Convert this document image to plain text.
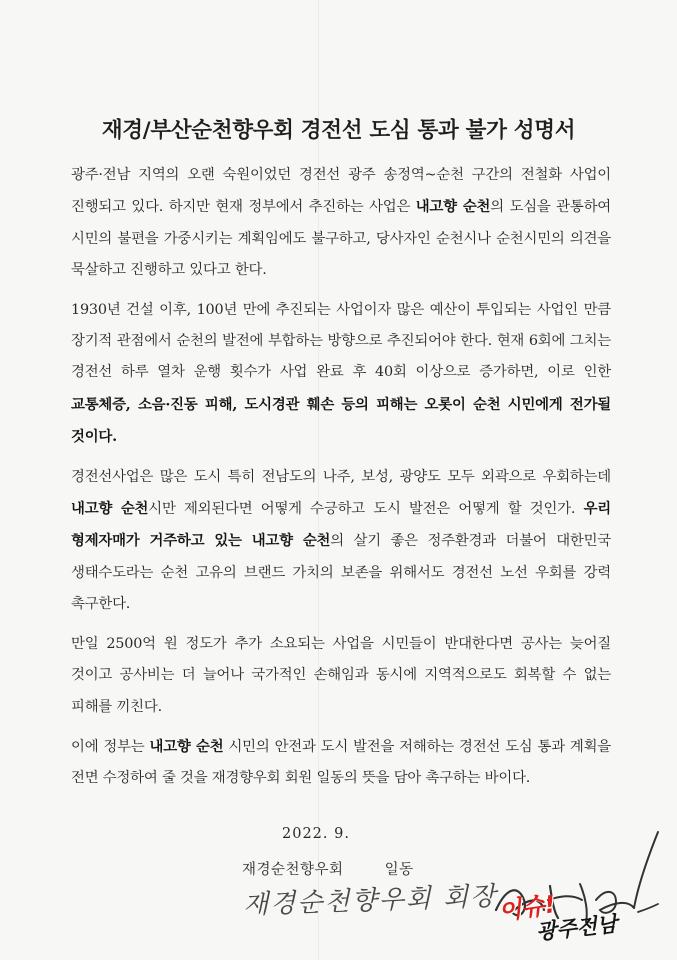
재경/부산순천향우회 경전선 도심 통과 불가 성명서

광주·전남 지역의 오랜 숙원이었던 경전선 광주 송정역~순천 구간의 전철화 사업이 진행되고 있다. 하지만 현재 정부에서 추진하는 사업은 내고향 순천의 도심을 관통하여 시민의 불편을 가중시키는 계획임에도 불구하고, 당사자인 순천시나 순천시민의 의견을 묵살하고 진행하고 있다고 한다.

1930년 건설 이후, 100년 만에 추진되는 사업이자 많은 예산이 투입되는 사업인 만큼 장기적 관점에서 순천의 발전에 부합하는 방향으로 추진되어야 한다. 현재 6회에 그치는 경전선 하루 열차 운행 횟수가 사업 완료 후 40회 이상으로 증가하면, 이로 인한 교통체증, 소음·진동 피해, 도시경관 훼손 등의 피해는 오롯이 순천 시민에게 전가될 것이다.

경전선사업은 많은 도시 특히 전남도의 나주, 보성, 광양도 모두 외곽으로 우회하는데 내고향 순천시만 제외된다면 어떻게 수긍하고 도시 발전은 어떻게 할 것인가. 우리 형제자매가 거주하고 있는 내고향 순천의 살기 좋은 정주환경과 더불어 대한민국 생태수도라는 순천 고유의 브랜드 가치의 보존을 위해서도 경전선 노선 우회를 강력 촉구한다.

만일 2500억 원 정도가 추가 소요되는 사업을 시민들이 반대한다면 공사는 늦어질 것이고 공사비는 더 늘어나 국가적인 손해임과 동시에 지역적으로도 회복할 수 없는 피해를 끼친다.

이에 정부는 내고향 순천 시민의 안전과 도시 발전을 저해하는 경전선 도심 통과 계획을 전면 수정하여 줄 것을 재경향우회 회원 일동의 뜻을 담아 촉구하는 바이다.

2022. 9.
재경순천향우회	일동
재경순천향우회 회장
이슈!
광주전남
